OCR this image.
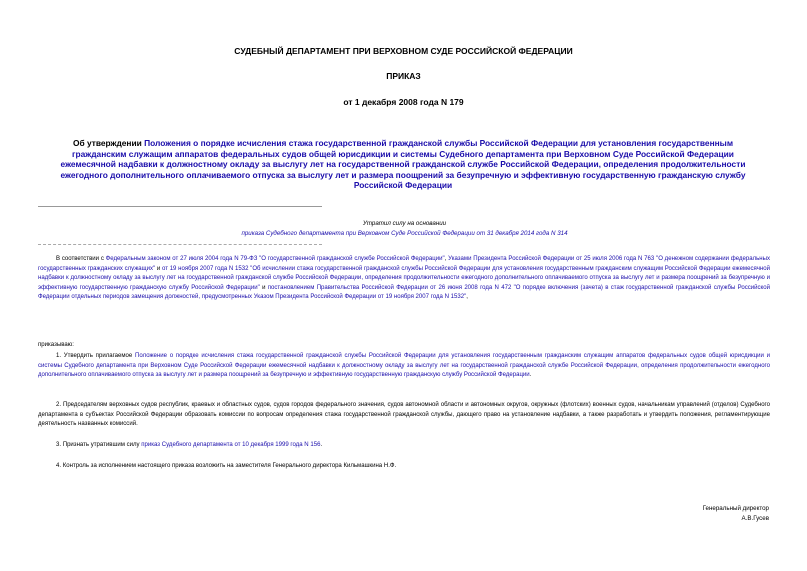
СУДЕБНЫЙ ДЕПАРТАМЕНТ ПРИ ВЕРХОВНОМ СУДЕ РОССИЙСКОЙ ФЕДЕРАЦИИ
ПРИКАЗ
от 1 декабря 2008 года N 179
Об утверждении Положения о порядке исчисления стажа государственной гражданской службы Российской Федерации для установления государственным гражданским служащим аппаратов федеральных судов общей юрисдикции и системы Судебного департамента при Верховном Суде Российской Федерации ежемесячной надбавки к должностному окладу за выслугу лет на государственной гражданской службе Российской Федерации, определения продолжительности ежегодного дополнительного оплачиваемого отпуска за выслугу лет и размера поощрений за безупречную и эффективную государственную гражданскую службу Российской Федерации
Утратил силу на основании
приказа Судебного департамента при Верховном Суде Российской Федерации от 31 декабря 2014 года N 314
В соответствии с Федеральным законом от 27 июля 2004 года N 79-ФЗ "О государственной гражданской службе Российской Федерации", Указами Президента Российской Федерации от 25 июля 2006 года N 763 "О денежном содержании федеральных государственных гражданских служащих" и от 19 ноября 2007 года N 1532 "Об исчислении стажа государственной гражданской службы Российской Федерации для установления государственным гражданским служащим Российской Федерации ежемесячной надбавки к должностному окладу за выслугу лет на государственной гражданской службе Российской Федерации, определения продолжительности ежегодного дополнительного оплачиваемого отпуска за выслугу лет и размера поощрений за безупречную и эффективную государственную гражданскую службу Российской Федерации" и постановлением Правительства Российской Федерации от 26 июня 2008 года N 472 "О порядке включения (зачета) в стаж государственной гражданской службы Российской Федерации отдельных периодов замещения должностей, предусмотренных Указом Президента Российской Федерации от 19 ноября 2007 года N 1532",
приказываю:
1. Утвердить прилагаемое Положение о порядке исчисления стажа государственной гражданской службы Российской Федерации для установления государственным гражданским служащим аппаратов федеральных судов общей юрисдикции и системы Судебного департамента при Верховном Суде Российской Федерации ежемесячной надбавки к должностному окладу за выслугу лет на государственной гражданской службе Российской Федерации, определения продолжительности ежегодного дополнительного оплачиваемого отпуска за выслугу лет и размера поощрений за безупречную и эффективную государственную гражданскую службу Российской Федерации.
2. Председателям верховных судов республик, краевых и областных судов, судов городов федерального значения, судов автономной области и автономных округов, окружных (флотских) военных судов, начальникам управлений (отделов) Судебного департамента в субъектах Российской Федерации образовать комиссии по вопросам определения стажа государственной гражданской службы, дающего право на установление надбавки, а также разработать и утвердить положения, регламентирующие деятельность названных комиссий.
3. Признать утратившим силу приказ Судебного департамента от 10 декабря 1999 года N 156.
4. Контроль за исполнением настоящего приказа возложить на заместителя Генерального директора Кильмашкина Н.Ф.
Генеральный директор
А.В.Гусев
